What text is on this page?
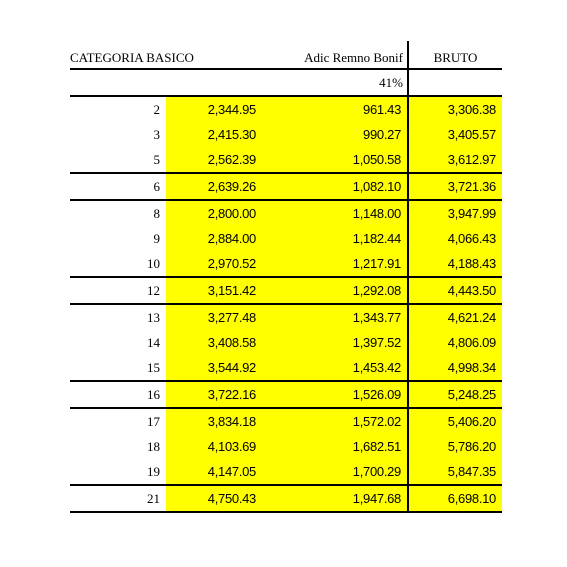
CATEGORIA BASICO		Adic Remno Bonif	BRUTO
		41%	
2	2,344.95	961.43	3,306.38
3	2,415.30	990.27	3,405.57
5	2,562.39	1,050.58	3,612.97
6	2,639.26	1,082.10	3,721.36
8	2,800.00	1,148.00	3,947.99
9	2,884.00	1,182.44	4,066.43
10	2,970.52	1,217.91	4,188.43
12	3,151.42	1,292.08	4,443.50
13	3,277.48	1,343.77	4,621.24
14	3,408.58	1,397.52	4,806.09
15	3,544.92	1,453.42	4,998.34
16	3,722.16	1,526.09	5,248.25
17	3,834.18	1,572.02	5,406.20
18	4,103.69	1,682.51	5,786.20
19	4,147.05	1,700.29	5,847.35
21	4,750.43	1,947.68	6,698.10
